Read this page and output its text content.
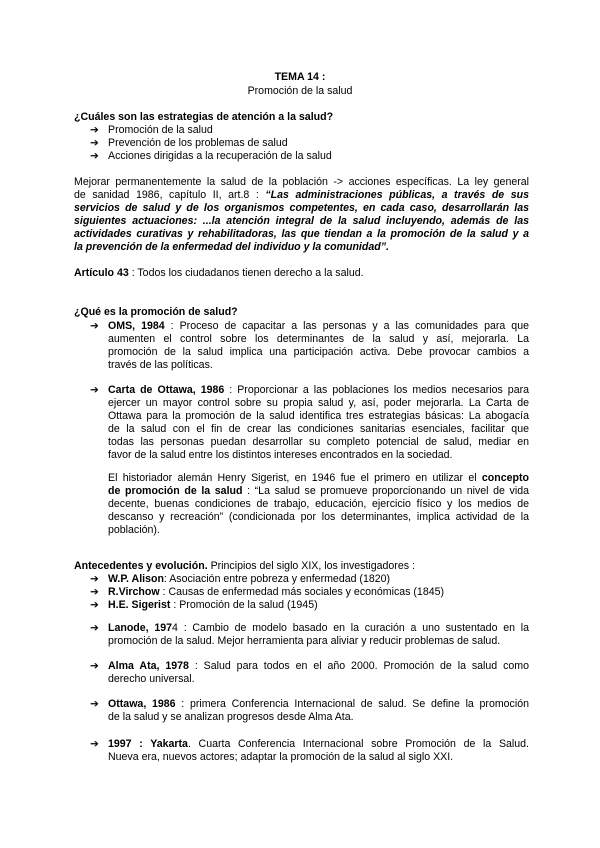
TEMA 14 :
Promoción de la salud
¿Cuáles son las estrategias de atención a la salud?
➔ Promoción de la salud
➔ Prevención de los problemas de salud
➔ Acciones dirigidas a la recuperación de la salud
Mejorar permanentemente la salud de la población -> acciones específicas. La ley general
de sanidad 1986, capítulo II, art.8 : “Las administraciones públicas, a través de sus
servicios de salud y de los organismos competentes, en cada caso, desarrollarán las
siguientes actuaciones: ...la atención integral de la salud incluyendo, además de las
actividades curativas y rehabilitadoras, las que tiendan a la promoción de la salud y a
la prevención de la enfermedad del individuo y la comunidad”.
Artículo 43 : Todos los ciudadanos tienen derecho a la salud.
¿Qué es la promoción de salud?
➔ OMS, 1984 : Proceso de capacitar a las personas y a las comunidades para que
aumenten el control sobre los determinantes de la salud y así, mejorarla. La
promoción de la salud implica una participación activa. Debe provocar cambios a
través de las políticas.
➔ Carta de Ottawa, 1986 : Proporcionar a las poblaciones los medios necesarios para
ejercer un mayor control sobre su propia salud y, así, poder mejorarla. La Carta de
Ottawa para la promoción de la salud identifica tres estrategias básicas: La abogacía
de la salud con el fin de crear las condiciones sanitarias esenciales, facilitar que
todas las personas puedan desarrollar su completo potencial de salud, mediar en
favor de la salud entre los distintos intereses encontrados en la sociedad.
El historiador alemán Henry Sigerist, en 1946 fue el primero en utilizar el concepto
de promoción de la salud : “La salud se promueve proporcionando un nivel de vida
decente, buenas condiciones de trabajo, educación, ejercicio físico y los medios de
descanso y recreación” (condicionada por los determinantes, implica actividad de la
población).
Antecedentes y evolución. Principios del siglo XIX, los investigadores :
➔ W.P. Alison: Asociación entre pobreza y enfermedad (1820)
➔ R.Virchow : Causas de enfermedad más sociales y económicas (1845)
➔ H.E. Sigerist : Promoción de la salud (1945)
➔ Lanode, 1974 : Cambio de modelo basado en la curación a uno sustentado en la
promoción de la salud. Mejor herramienta para aliviar y reducir problemas de salud.
➔ Alma Ata, 1978 : Salud para todos en el año 2000. Promoción de la salud como
derecho universal.
➔ Ottawa, 1986 : primera Conferencia Internacional de salud. Se define la promoción
de la salud y se analizan progresos desde Alma Ata.
➔ 1997 : Yakarta. Cuarta Conferencia Internacional sobre Promoción de la Salud.
Nueva era, nuevos actores; adaptar la promoción de la salud al siglo XXI.
